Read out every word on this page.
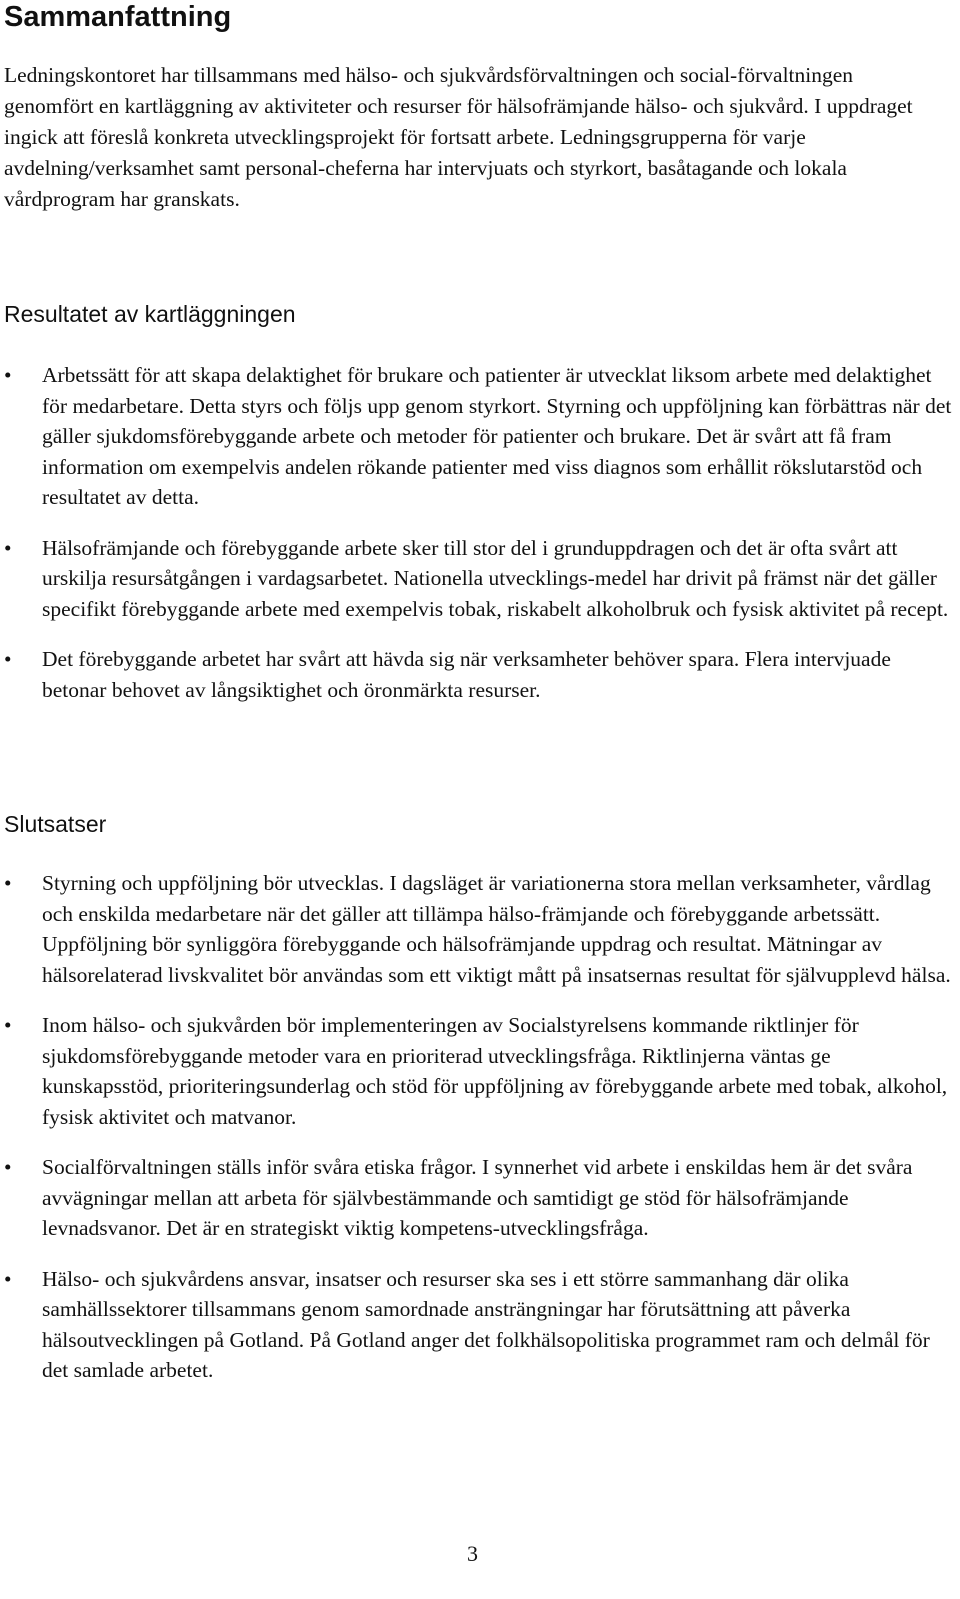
Sammanfattning

Ledningskontoret har tillsammans med hälso- och sjukvårdsförvaltningen och social-förvaltningen genomfört en kartläggning av aktiviteter och resurser för hälsofrämjande hälso- och sjukvård. I uppdraget ingick att föreslå konkreta utvecklingsprojekt för fortsatt arbete. Ledningsgrupperna för varje avdelning/verksamhet samt personal-cheferna har intervjuats och styrkort, basåtagande och lokala vårdprogram har granskats.

Resultatet av kartläggningen
• Arbetssätt för att skapa delaktighet för brukare och patienter är utvecklat liksom arbete med delaktighet för medarbetare. Detta styrs och följs upp genom styrkort. Styrning och uppföljning kan förbättras när det gäller sjukdomsförebyggande arbete och metoder för patienter och brukare. Det är svårt att få fram information om exempelvis andelen rökande patienter med viss diagnos som erhållit rökslutarstöd och resultatet av detta.
• Hälsofrämjande och förebyggande arbete sker till stor del i grunduppdragen och det är ofta svårt att urskilja resursåtgången i vardagsarbetet. Nationella utvecklings-medel har drivit på främst när det gäller specifikt förebyggande arbete med exempelvis tobak, riskabelt alkoholbruk och fysisk aktivitet på recept.
• Det förebyggande arbetet har svårt att hävda sig när verksamheter behöver spara. Flera intervjuade betonar behovet av långsiktighet och öronmärkta resurser.
Slutsatser
• Styrning och uppföljning bör utvecklas. I dagsläget är variationerna stora mellan verksamheter, vårdlag och enskilda medarbetare när det gäller att tillämpa hälso-främjande och förebyggande arbetssätt. Uppföljning bör synliggöra förebyggande och hälsofrämjande uppdrag och resultat. Mätningar av hälsorelaterad livskvalitet bör användas som ett viktigt mått på insatsernas resultat för självupplevd hälsa.
• Inom hälso- och sjukvården bör implementeringen av Socialstyrelsens kommande riktlinjer för sjukdomsförebyggande metoder vara en prioriterad utvecklingsfråga. Riktlinjerna väntas ge kunskapsstöd, prioriteringsunderlag och stöd för uppföljning av förebyggande arbete med tobak, alkohol, fysisk aktivitet och matvanor.
• Socialförvaltningen ställs inför svåra etiska frågor. I synnerhet vid arbete i enskildas hem är det svåra avvägningar mellan att arbeta för självbestämmande och samtidigt ge stöd för hälsofrämjande levnadsvanor. Det är en strategiskt viktig kompetens-utvecklingsfråga.
• Hälso- och sjukvårdens ansvar, insatser och resurser ska ses i ett större sammanhang där olika samhällssektorer tillsammans genom samordnade ansträngningar har förutsättning att påverka hälsoutvecklingen på Gotland. På Gotland anger det folkhälsopolitiska programmet ram och delmål för det samlade arbetet.
3
